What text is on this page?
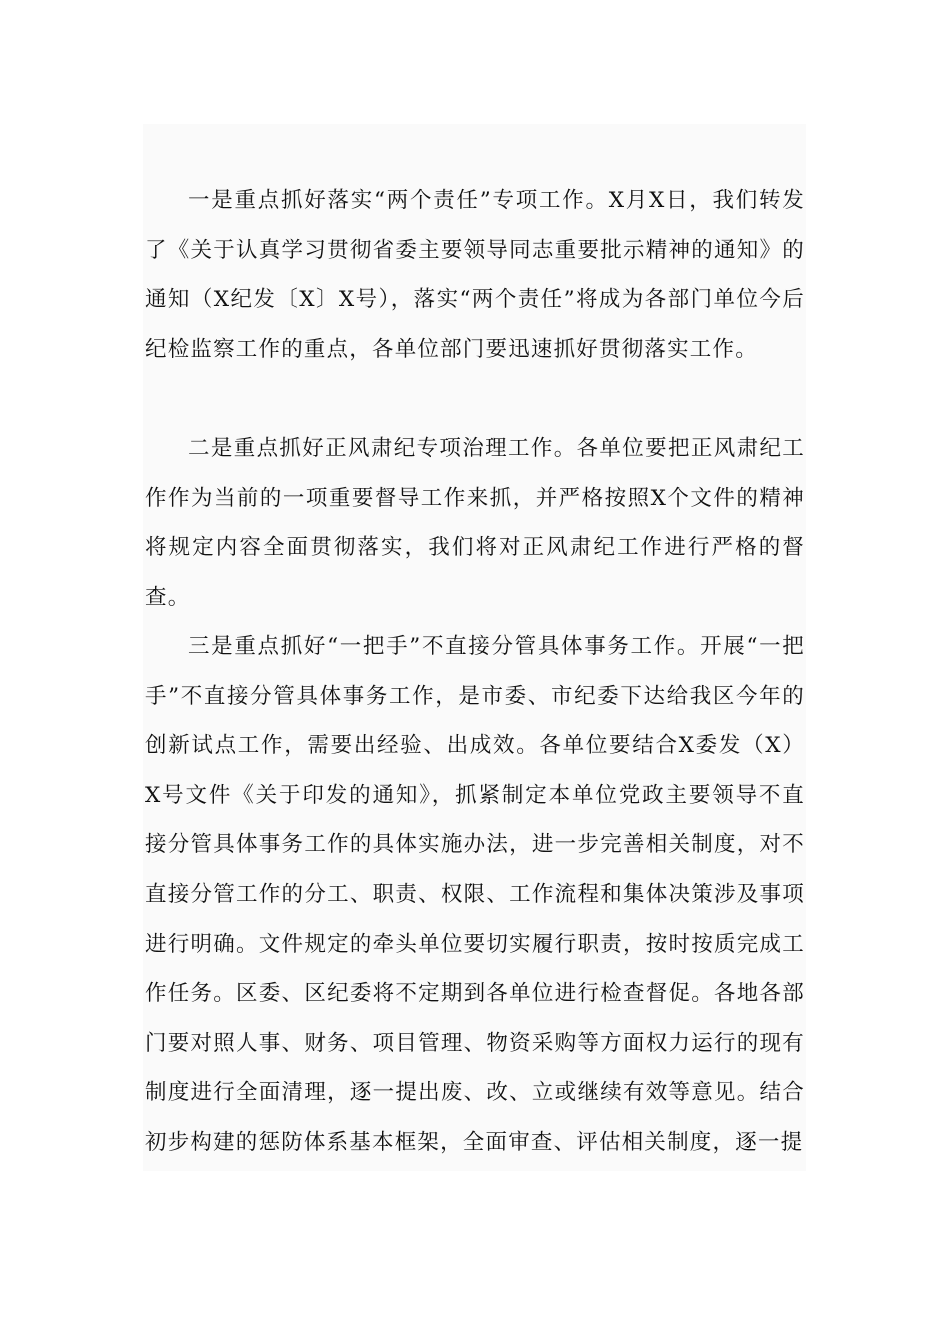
一是重点抓好落实“两个责任”专项工作。X月X日，我们转发了《关于认真学习贯彻省委主要领导同志重要批示精神的通知》的通知（X纪发〔X〕X号），落实“两个责任”将成为各部门单位今后纪检监察工作的重点，各单位部门要迅速抓好贯彻落实工作。

二是重点抓好正风肃纪专项治理工作。各单位要把正风肃纪工作作为当前的一项重要督导工作来抓，并严格按照X个文件的精神将规定内容全面贯彻落实，我们将对正风肃纪工作进行严格的督查。

三是重点抓好“一把手”不直接分管具体事务工作。开展“一把手”不直接分管具体事务工作，是市委、市纪委下达给我区今年的创新试点工作，需要出经验、出成效。各单位要结合X委发（X）X号文件《关于印发的通知》，抓紧制定本单位党政主要领导不直接分管具体事务工作的具体实施办法，进一步完善相关制度，对不直接分管工作的分工、职责、权限、工作流程和集体决策涉及事项进行明确。文件规定的牵头单位要切实履行职责，按时按质完成工作任务。区委、区纪委将不定期到各单位进行检查督促。各地各部门要对照人事、财务、项目管理、物资采购等方面权力运行的现有制度进行全面清理，逐一提出废、改、立或继续有效等意见。结合初步构建的惩防体系基本框架，全面审查、评估相关制度，逐一提
